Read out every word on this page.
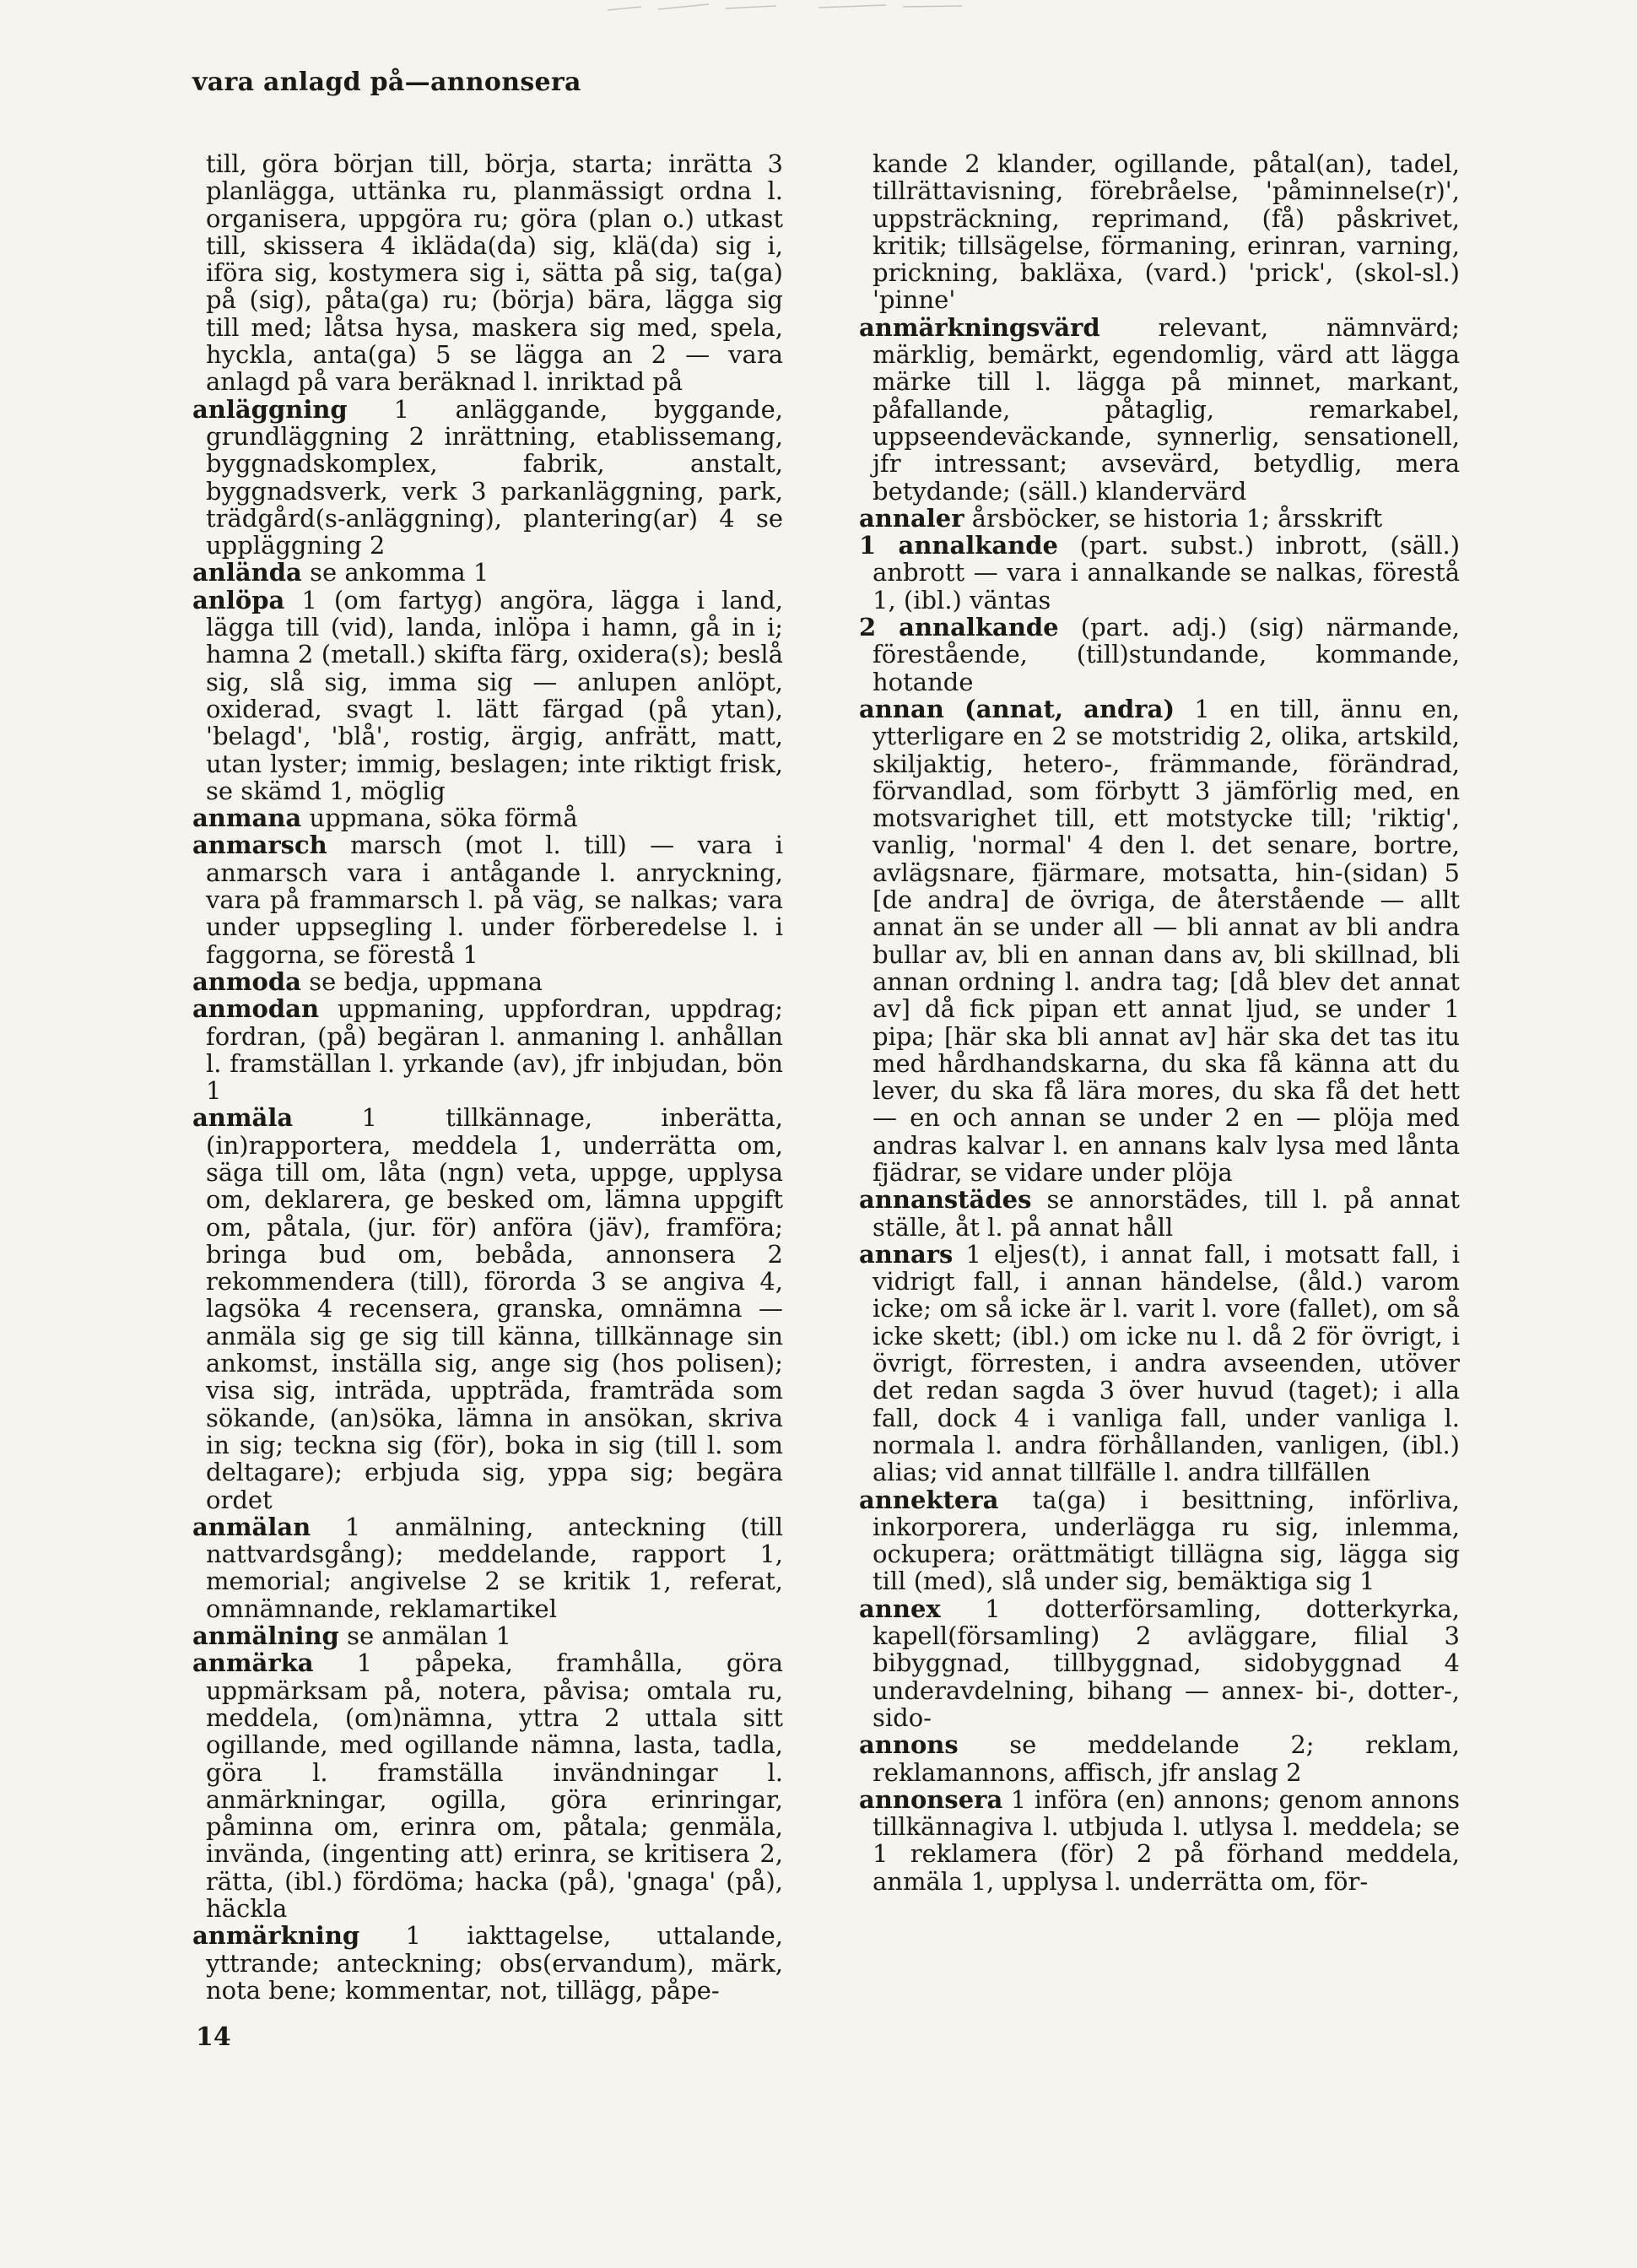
vara anlagd på—annonsera

till, göra början till, börja, starta; inrätta 3 planlägga, uttänka ru, planmässigt ordna l. organisera, uppgöra ru; göra (plan o.) utkast till, skissera 4 ikläda(da) sig, klä(da) sig i, iföra sig, kostymera sig i, sätta på sig, ta(ga) på (sig), påta(ga) ru; (börja) bära, lägga sig till med; låtsa hysa, maskera sig med, spela, hyckla, anta(ga) 5 se lägga an 2 — vara anlagd på vara beräknad l. inriktad på

anläggning 1 anläggande, byggande, grundläggning 2 inrättning, etablissemang, byggnadskomplex, fabrik, anstalt, byggnadsverk, verk 3 parkanläggning, park, trädgård(s-anläggning), plantering(ar) 4 se uppläggning 2

anlända se ankomma 1

anlöpa 1 (om fartyg) angöra, lägga i land, lägga till (vid), landa, inlöpa i hamn, gå in i; hamna 2 (metall.) skifta färg, oxidera(s); beslå sig, slå sig, imma sig — anlupen anlöpt, oxiderad, svagt l. lätt färgad (på ytan), 'belagd', 'blå', rostig, ärgig, anfrätt, matt, utan lyster; immig, beslagen; inte riktigt frisk, se skämd 1, möglig

anmana uppmana, söka förmå

anmarsch marsch (mot l. till) — vara i anmarsch vara i antågande l. anryckning, vara på frammarsch l. på väg, se nalkas; vara under uppsegling l. under förberedelse l. i faggorna, se förestå 1

anmoda se bedja, uppmana

anmodan uppmaning, uppfordran, uppdrag; fordran, (på) begäran l. anmaning l. anhållan l. framställan l. yrkande (av), jfr inbjudan, bön 1

anmäla	1 tillkännage, inberätta, (in)rapportera, meddela 1, underrätta om, säga till om, låta (ngn) veta, uppge, upplysa om, deklarera, ge besked om, lämna uppgift om, påtala, (jur. för) anföra (jäv), framföra; bringa bud om, bebåda, annonsera 2 rekommendera (till), förorda 3 se angiva 4, lagsöka 4 recensera, granska, omnämna — anmäla sig ge sig till känna, tillkännage sin ankomst, inställa sig, ange sig (hos polisen); visa sig, inträda, uppträda, framträda som sökande, (an)söka, lämna in ansökan, skriva in sig; teckna sig (för), boka in sig (till l. som deltagare); erbjuda sig, yppa sig; begära ordet

anmälan 1 anmälning, anteckning (till nattvardsgång); meddelande, rapport 1, memorial; angivelse 2 se kritik 1, referat, omnämnande, reklamartikel

anmälning se anmälan 1

anmärka 1 påpeka, framhålla, göra uppmärksam på, notera, påvisa; omtala ru, meddela, (om)nämna, yttra 2 uttala sitt ogillande, med ogillande nämna, lasta, tadla, göra l. framställa invändningar l. anmärkningar, ogilla, göra erinringar, påminna om, erinra om, påtala; genmäla, invända, (ingenting att) erinra, se kritisera 2, rätta, (ibl.) fördöma; hacka (på), 'gnaga' (på), häckla

anmärkning 1 iakttagelse, uttalande, yttrande; anteckning; obs(ervandum), märk, nota bene; kommentar, not, tillägg, påpe-

kande 2 klander, ogillande, påtal(an), tadel, tillrättavisning, förebråelse, 'påminnelse(r)', uppsträckning, reprimand, (få) påskrivet, kritik; tillsägelse, förmaning, erinran, varning, prickning, bakläxa, (vard.) 'prick', (skol-sl.) 'pinne'

anmärkningsvärd relevant, nämnvärd; märklig, bemärkt, egendomlig, värd att lägga märke till l. lägga på minnet, markant, påfallande, påtaglig, remarkabel, uppseendeväckande, synnerlig, sensationell, jfr intressant; avsevärd, betydlig, mera betydande; (säll.) klandervärd

annaler årsböcker, se historia 1; årsskrift

1 annalkande (part. subst.) inbrott, (säll.) anbrott — vara i annalkande se nalkas, förestå 1, (ibl.) väntas

2 annalkande (part. adj.) (sig) närmande, förestående, (till)stundande, kommande, hotande

annan (annat, andra) 1 en till, ännu en, ytterligare en 2 se motstridig 2, olika, artskild, skiljaktig, hetero-, främmande, förändrad, förvandlad, som förbytt 3 jämförlig med, en motsvarighet till, ett motstycke till; 'riktig', vanlig, 'normal' 4 den l. det senare, bortre, avlägsnare, fjärmare, motsatta, hin-(sidan) 5 [de andra] de övriga, de återstående — allt annat än se under all — bli annat av bli andra bullar av, bli en annan dans av, bli skillnad, bli annan ordning l. andra tag; [då blev det annat av] då fick pipan ett annat ljud, se under 1 pipa; [här ska bli annat av] här ska det tas itu med hårdhandskarna, du ska få känna att du lever, du ska få lära mores, du ska få det hett — en och annan se under 2 en — plöja med andras kalvar l. en annans kalv lysa med lånta fjädrar, se vidare under plöja

annanstädes se annorstädes, till l. på annat ställe, åt l. på annat håll

annars 1 eljes(t), i annat fall, i motsatt fall, i vidrigt fall, i annan händelse, (åld.) varom icke; om så icke är l. varit l. vore (fallet), om så icke skett; (ibl.) om icke nu l. då 2 för övrigt, i övrigt, förresten, i andra avseenden, utöver det redan sagda 3 över huvud (taget); i alla fall, dock 4 i vanliga fall, under vanliga l. normala l. andra förhållanden, vanligen, (ibl.) alias; vid annat tillfälle l. andra tillfällen

annektera ta(ga) i besittning, införliva, inkorporera, underlägga ru sig, inlemma, ockupera; orättmätigt tillägna sig, lägga sig till (med), slå under sig, bemäktiga sig 1

annex 1 dotterförsamling, dotterkyrka, kapell(församling) 2 avläggare, filial 3 bibyggnad, tillbyggnad, sidobyggnad 4 underavdelning, bihang — annex- bi-, dotter-, sido-

annons se meddelande 2; reklam, reklamannons, affisch, jfr anslag 2

annonsera 1 införa (en) annons; genom annons tillkännagiva l. utbjuda l. utlysa l. meddela; se 1 reklamera (för) 2 på förhand meddela, anmäla 1, upplysa l. underrätta om, för-

14
